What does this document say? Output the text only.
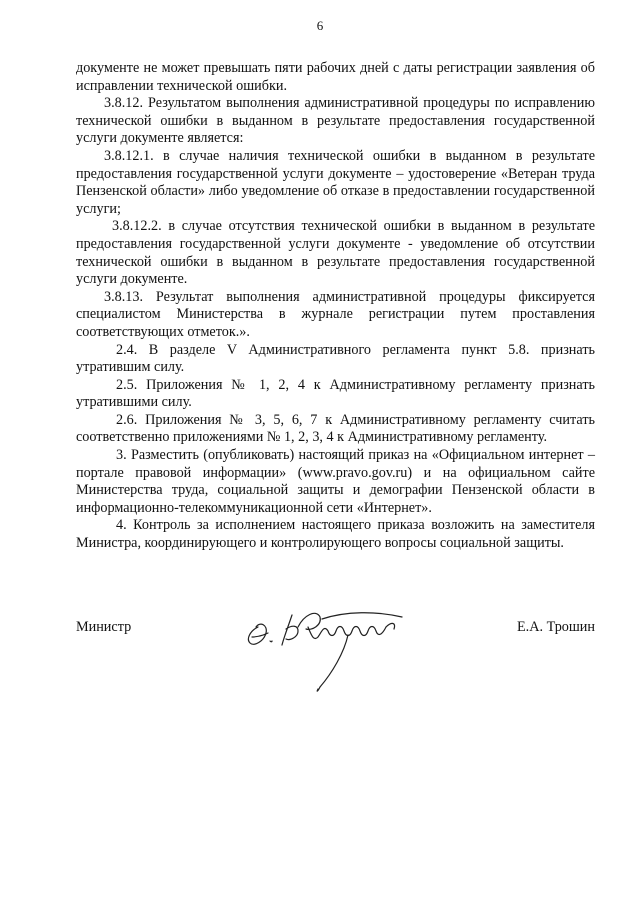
6

документе не может превышать пяти рабочих дней с даты регистрации заявления об исправлении технической ошибки.

3.8.12. Результатом выполнения административной процедуры по исправлению технической ошибки в выданном в результате предоставления государственной услуги документе является:

3.8.12.1. в случае наличия технической ошибки в выданном в результате предоставления государственной услуги документе – удостоверение «Ветеран труда Пензенской области» либо уведомление об отказе в предоставлении государственной услуги;

3.8.12.2. в случае отсутствия технической ошибки в выданном в результате предоставления государственной услуги документе - уведомление об отсутствии технической ошибки в выданном в результате предоставления государственной услуги документе.

3.8.13. Результат выполнения административной процедуры фиксируется специалистом Министерства в журнале регистрации путем проставления соответствующих отметок.».

2.4. В разделе V Административного регламента пункт 5.8. признать утратившим силу.

2.5. Приложения № 1, 2, 4 к Административному регламенту признать утратившими силу.

2.6. Приложения № 3, 5, 6, 7 к Административному регламенту считать соответственно приложениями № 1, 2, 3, 4 к Административному регламенту.

3. Разместить (опубликовать) настоящий приказ на «Официальном интернет – портале правовой информации» (www.pravo.gov.ru) и на официальном сайте Министерства труда, социальной защиты и демографии Пензенской области в информационно-телекоммуникационной сети «Интернет».

4. Контроль за исполнением настоящего приказа возложить на заместителя Министра, координирующего и контролирующего вопросы социальной защиты.

Министр	Е.А. Трошин
